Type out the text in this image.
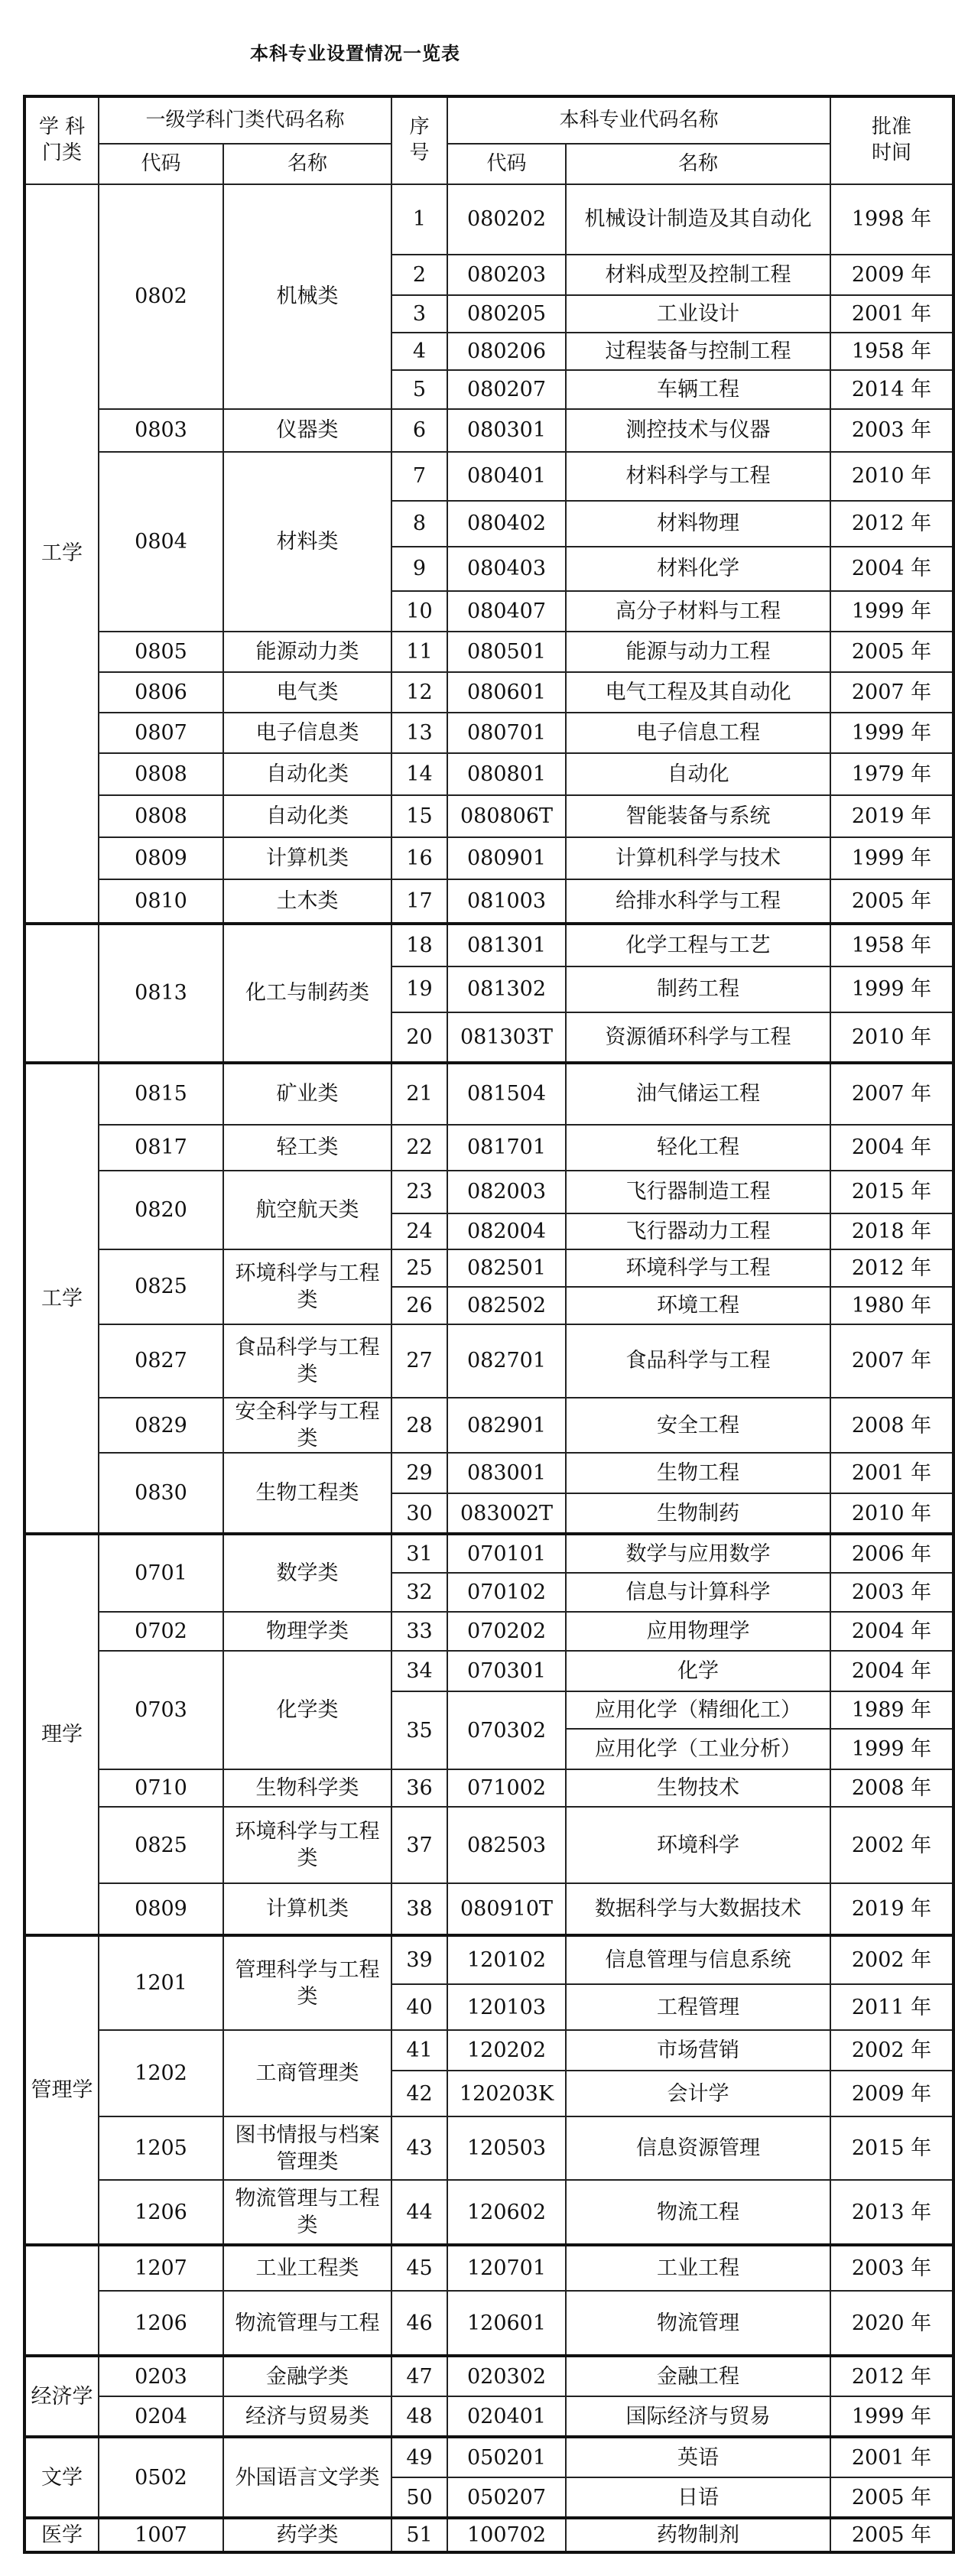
本科专业设置情况一览表
学 科
门类	一级学科门类代码名称		序
号	本科专业代码名称		批准
时间
	代码	名称		代码	名称	
工学	0802	机械类	1	080202	机械设计制造及其自动化	1998 年
			2	080203	材料成型及控制工程	2009 年
			3	080205	工业设计	2001 年
			4	080206	过程装备与控制工程	1958 年
			5	080207	车辆工程	2014 年
	0803	仪器类	6	080301	测控技术与仪器	2003 年
	0804	材料类	7	080401	材料科学与工程	2010 年
			8	080402	材料物理	2012 年
			9	080403	材料化学	2004 年
			10	080407	高分子材料与工程	1999 年
	0805	能源动力类	11	080501	能源与动力工程	2005 年
	0806	电气类	12	080601	电气工程及其自动化	2007 年
	0807	电子信息类	13	080701	电子信息工程	1999 年
	0808	自动化类	14	080801	自动化	1979 年
	0808	自动化类	15	080806T	智能装备与系统	2019 年
	0809	计算机类	16	080901	计算机科学与技术	1999 年
	0810	土木类	17	081003	给排水科学与工程	2005 年
	0813	化工与制药类	18	081301	化学工程与工艺	1958 年
			19	081302	制药工程	1999 年
			20	081303T	资源循环科学与工程	2010 年
工学	0815	矿业类	21	081504	油气储运工程	2007 年
	0817	轻工类	22	081701	轻化工程	2004 年
	0820	航空航天类	23	082003	飞行器制造工程	2015 年
			24	082004	飞行器动力工程	2018 年
	0825	环境科学与工程类	25	082501	环境科学与工程	2012 年
			26	082502	环境工程	1980 年
	0827	食品科学与工程类	27	082701	食品科学与工程	2007 年
	0829	安全科学与工程类	28	082901	安全工程	2008 年
	0830	生物工程类	29	083001	生物工程	2001 年
			30	083002T	生物制药	2010 年
理学	0701	数学类	31	070101	数学与应用数学	2006 年
			32	070102	信息与计算科学	2003 年
	0702	物理学类	33	070202	应用物理学	2004 年
	0703	化学类	34	070301	化学	2004 年
			35	070302	应用化学（精细化工）	1989 年
					应用化学（工业分析）	1999 年
	0710	生物科学类	36	071002	生物技术	2008 年
	0825	环境科学与工程类	37	082503	环境科学	2002 年
	0809	计算机类	38	080910T	数据科学与大数据技术	2019 年
管理学	1201	管理科学与工程类	39	120102	信息管理与信息系统	2002 年
			40	120103	工程管理	2011 年
	1202	工商管理类	41	120202	市场营销	2002 年
			42	120203K	会计学	2009 年
	1205	图书情报与档案管理类	43	120503	信息资源管理	2015 年
	1206	物流管理与工程类	44	120602	物流工程	2013 年
	1207	工业工程类	45	120701	工业工程	2003 年
	1206	物流管理与工程	46	120601	物流管理	2020 年
经济学	0203	金融学类	47	020302	金融工程	2012 年
	0204	经济与贸易类	48	020401	国际经济与贸易	1999 年
文学	0502	外国语言文学类	49	050201	英语	2001 年
			50	050207	日语	2005 年
医学	1007	药学类	51	100702	药物制剂	2005 年
